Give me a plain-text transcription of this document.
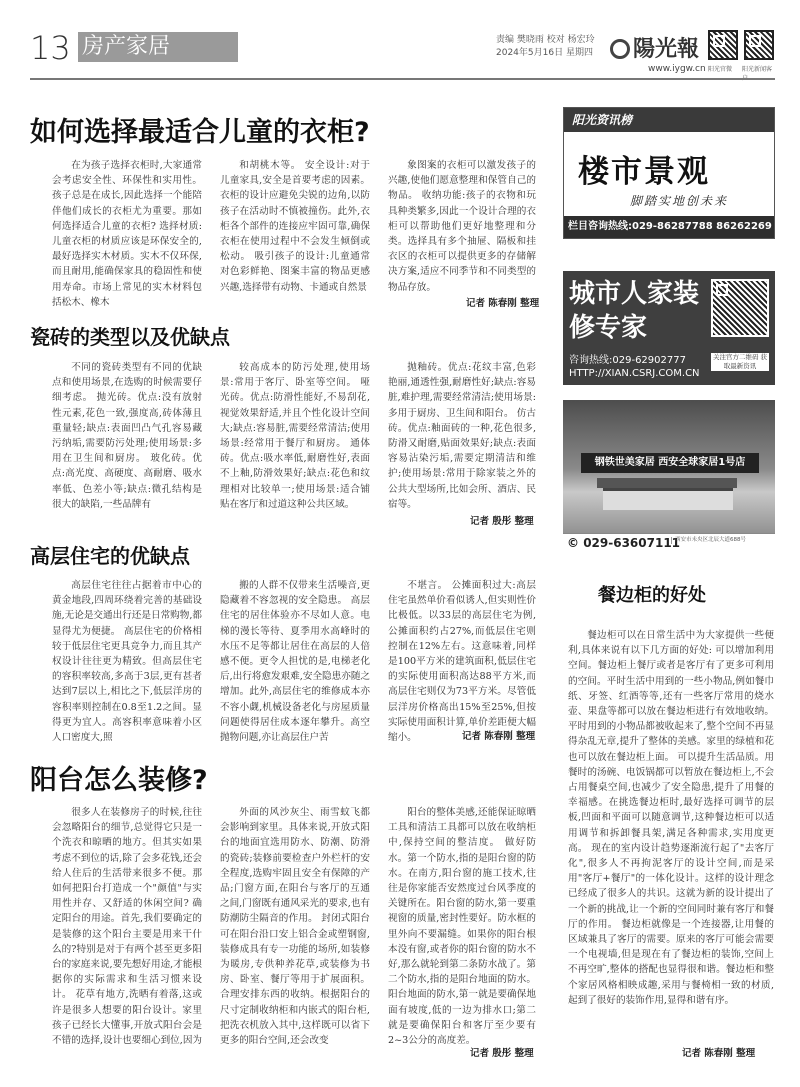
13 房产家居	责编 樊晓雨 校对 杨宏玲
2024年5月16日 星期四	陽光報
www.iygw.cn 阳光官微 阳光新闻客
如何选择最适合儿童的衣柜?
在为孩子选择衣柜时,大家通常会考虑安全性、环保性和实用性。孩子总是在成长,因此选择一个能陪伴他们成长的衣柜尤为重要。那如何选择适合儿童的衣柜? 选择材质:儿童衣柜的材质应该是环保安全的,最好选择实木材质。实木不仅环保,而且耐用,能确保家具的稳固性和使用寿命。市场上常见的实木材料包括松木、橡木
和胡桃木等。 安全设计:对于儿童家具,安全是首要考虑的因素。衣柜的设计应避免尖锐的边角,以防孩子在活动时不慎被撞伤。此外,衣柜各个部件的连接应牢固可靠,确保衣柜在使用过程中不会发生倾倒或松动。 吸引孩子的设计:儿童通常对色彩鲜艳、图案丰富的物品更感兴趣,选择带有动物、卡通或自然景
象图案的衣柜可以激发孩子的兴趣,使他们愿意整理和保管自己的物品。 收纳功能:孩子的衣物和玩具种类繁多,因此一个设计合理的衣柜可以帮助他们更好地整理和分类。选择具有多个抽屉、隔板和挂衣区的衣柜可以提供更多的存储解决方案,适应不同季节和不同类型的物品存放。
记者 陈春刚 整理
瓷砖的类型以及优缺点
不同的瓷砖类型有不同的优缺点和使用场景,在选购的时候需要仔细考虑。 抛光砖。优点:没有放射性元素,花色一致,强度高,砖体薄且重量轻;缺点:表面凹凸气孔容易藏污纳垢,需要防污处理;使用场景:多用在卫生间和厨房。 玻化砖。优点:高光度、高硬度、高耐磨、吸水率低、色差小等;缺点:微孔结构是很大的缺陷,一些品牌有
较高成本的防污处理,使用场景:常用于客厅、卧室等空间。 哑光砖。优点:防滑性能好,不易刮花,视觉效果舒适,并且个性化设计空间大;缺点:容易脏,需要经常清洁;使用场景:经常用于餐厅和厨房。 通体砖。优点:吸水率低,耐磨性好,表面不上釉,防滑效果好;缺点:花色和纹理相对比较单一;使用场景:适合铺贴在客厅和过道这种公共区域。
抛釉砖。优点:花纹丰富,色彩艳丽,通透性强,耐磨性好;缺点:容易脏,难护理,需要经常清洁;使用场景:多用于厨房、卫生间和阳台。 仿古砖。优点:釉面砖的一种,花色很多,防滑又耐磨,贴面效果好;缺点:表面容易沾染污垢,需要定期清洁和维护;使用场景:常用于除家装之外的公共大型场所,比如会所、酒店、民宿等。
记者 殷彤 整理
高层住宅的优缺点
高层住宅往往占据着市中心的黄金地段,四周环绕着完善的基础设施,无论是交通出行还是日常购物,都显得尤为便捷。 高层住宅的价格相较于低层住宅更具竞争力,而且其产权设计往往更为精致。但高层住宅的容积率较高,多高于3层,更有甚者达到7层以上,相比之下,低层洋房的容积率则控制在0.8至1.2之间。显得更为宜人。高容积率意味着小区人口密度大,照
搬的人群不仅带来生活噪音,更隐藏着不容忽视的安全隐患。 高层住宅的居住体验亦不尽如人意。电梯的漫长等待、夏季用水高峰时的水压不足等都让居住在高层的人倍感不便。更令人担忧的是,电梯老化后,出行将愈发艰难,安全隐患亦随之增加。此外,高层住宅的维修成本亦不容小觑,机械设备老化与房屋质量问题使得居住成本逐年攀升。高空抛物问题,亦让高层住户苦
不堪言。 公摊面积过大:高层住宅虽然单价看似诱人,但实则性价比极低。以33层的高层住宅为例,公摊面积约占27%,而低层住宅则控制在12%左右。这意味着,同样是100平方米的建筑面积,低层住宅的实际使用面积高达88平方米,而高层住宅则仅为73平方米。尽管低层洋房价格高出15%至25%,但按实际使用面积计算,单价差距便大幅缩小。	记者 陈春刚 整理
阳台怎么装修?
很多人在装修房子的时候,往往会忽略阳台的细节,总觉得它只是一个洗衣和晾晒的地方。但其实如果考虑不到位的话,除了会多花钱,还会给人住后的生活带来很多不便。那如何把阳台打造成一个"颜值"与实用性并存、又舒适的休闲空间? 确定阳台的用途。首先,我们要确定的是装修的这个阳台主要是用来干什么的?特别是对于有两个甚至更多阳台的家庭来说,要先想好用途,才能根据你的实际需求和生活习惯来设计。 花草有地方,洗晒有着落,这或许是很多人想要的阳台设计。家里孩子已经长大懂事,开放式阳台会是不错的选择,设计也要细心到位,因为
外面的风沙灰尘、雨雪蚊飞都会影响到家里。具体来说,开放式阳台的地面宜选用防水、防潮、防滑的瓷砖;装修前要检查户外栏杆的安全程度,选购牢固且安全有保障的产品;门窗方面,在阳台与客厅的互通之间,门窗既有通风采光的要求,也有防潮防尘隔音的作用。 封闭式阳台可在阳台沿口安上铝合金或塑钢窗,装修成具有专一功能的场所,如装修为暖房,专供种养花草,或装修为书房、卧室、餐厅等用于扩展面积。 合理安排东西的收纳。根据阳台的尺寸定制收纳柜和内嵌式的阳台柜,把洗衣机放入其中,这样既可以省下更多的阳台空间,还会改变
阳台的整体美感,还能保证晾晒工具和清洁工具都可以放在收纳柜中,保持空间的整洁度。 做好防水。第一个防水,指的是阳台窗的防水。在南方,阳台窗的施工技术,往往是你家能否安然度过台风季度的关键所在。阳台窗的防水,第一要重视窗的质量,密封性要好。防水框的里外向不要漏缝。如果你的阳台根本没有窗,或者你的阳台窗的防水不好,那么就轮到第二条防水战了。第二个防水,指的是阳台地面的防水。阳台地面的防水,第一就是要确保地面有坡度,低的一边为排水口;第二就是要确保阳台和客厅至少要有2~3公分的高度差。
记者 殷彤 整理
阳光资讯榜
楼市景观
脚踏实地创未来
栏目咨询热线:029-86287788 86262269
城市人家装修专家
关注官方二维码 获取最新资讯
咨询热线:029-62902777
HTTP://XIAN.CSRJ.COM.CN
钢铁世美家居 西安全球家居1号店
© 029-63607111
西安市未央区北辰大道688号
餐边柜的好处
餐边柜可以在日常生活中为大家提供一些便利,具体来说有以下几方面的好处: 可以增加利用空间。餐边柜上餐厅或者是客厅有了更多可利用的空间。平时生活中用到的一些小物品,例如餐巾纸、牙签、红酒等等,还有一些客厅常用的烧水壶、果盘等都可以放在餐边柜进行有效地收纳。平时用到的小物品都被收起来了,整个空间不再显得杂乱无章,提升了整体的美感。家里的绿植和花也可以放在餐边柜上面。 可以提升生活品质。用餐时的汤碗、电饭锅都可以暂放在餐边柜上,不会占用餐桌空间,也减少了安全隐患,提升了用餐的幸福感。在挑选餐边柜时,最好选择可调节的层板,凹面和平面可以随意调节,这种餐边柜可以适用调节和拆卸餐具架,满足各种需求,实用度更高。 现在的室内设计趋势逐渐流行起了"去客厅化",很多人不再拘泥客厅的设计空间,而是采用"客厅+餐厅"的一体化设计。这样的设计理念已经成了很多人的共识。这就为新的设计提出了一个新的挑战,让一个新的空间同时兼有客厅和餐厅的作用。 餐边柜就像是一个连接器,让用餐的区域兼具了客厅的需要。原来的客厅可能会需要一个电视墙,但是现在有了餐边柜的装饰,空间上不再空旷,整体的搭配也显得很和谐。餐边柜和整个家居风格相映成趣,采用与餐椅相一致的材质,起到了很好的装饰作用,显得和谐有序。
记者 陈春刚 整理
